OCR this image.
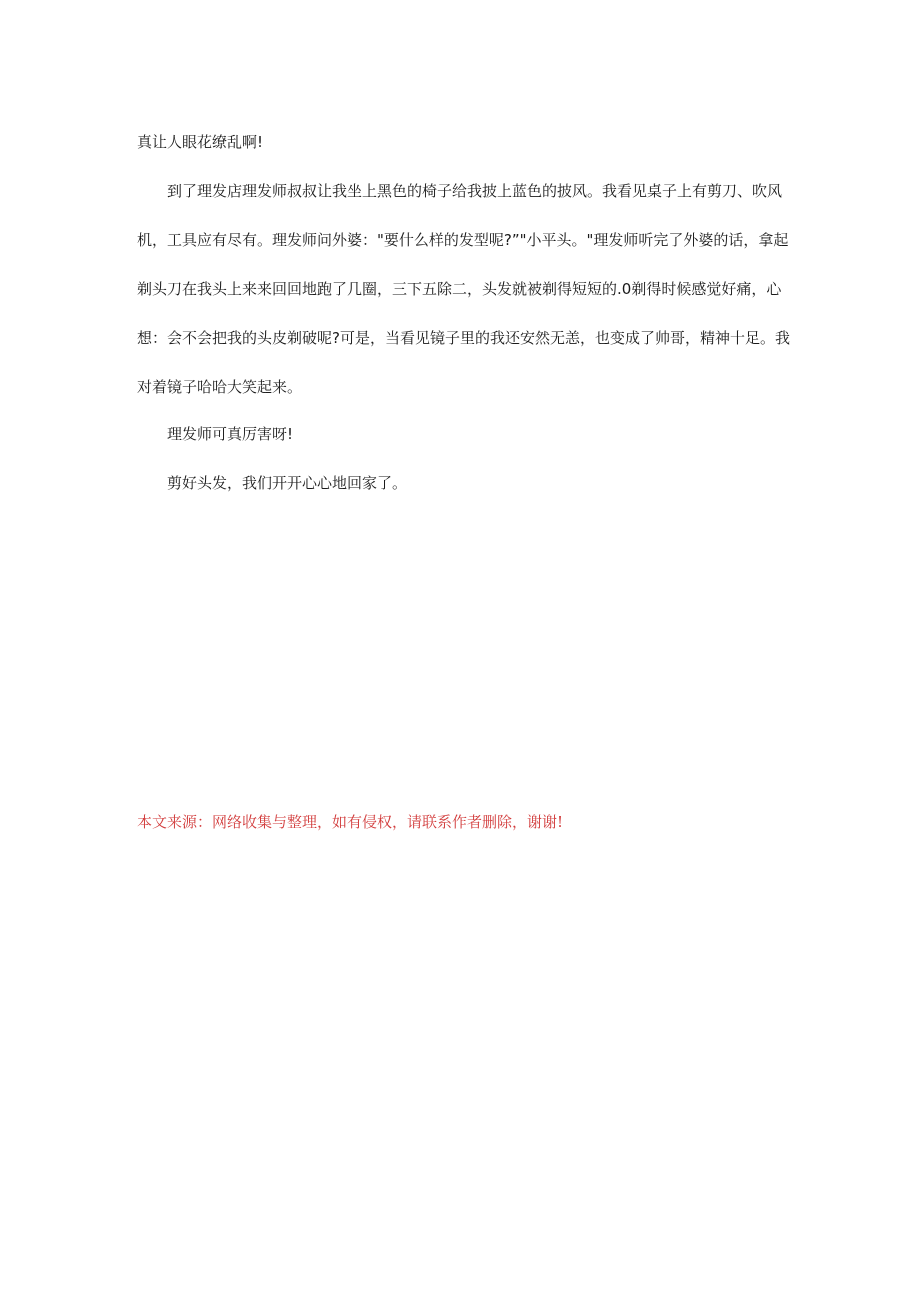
真让人眼花缭乱啊!
到了理发店理发师叔叔让我坐上黑色的椅子给我披上蓝色的披风。我看见桌子上有剪刀、吹风
机，工具应有尽有。理发师问外婆："要什么样的发型呢?”"小平头。"理发师听完了外婆的话，拿起
剃头刀在我头上来来回回地跑了几圈，三下五除二，头发就被剃得短短的.0剃得时候感觉好痛，心
想：会不会把我的头皮剃破呢?可是，当看见镜子里的我还安然无恙，也变成了帅哥，精神十足。我
对着镜子哈哈大笑起来。
理发师可真厉害呀!
剪好头发，我们开开心心地回家了。

本文来源：网络收集与整理，如有侵权，请联系作者删除，谢谢!
